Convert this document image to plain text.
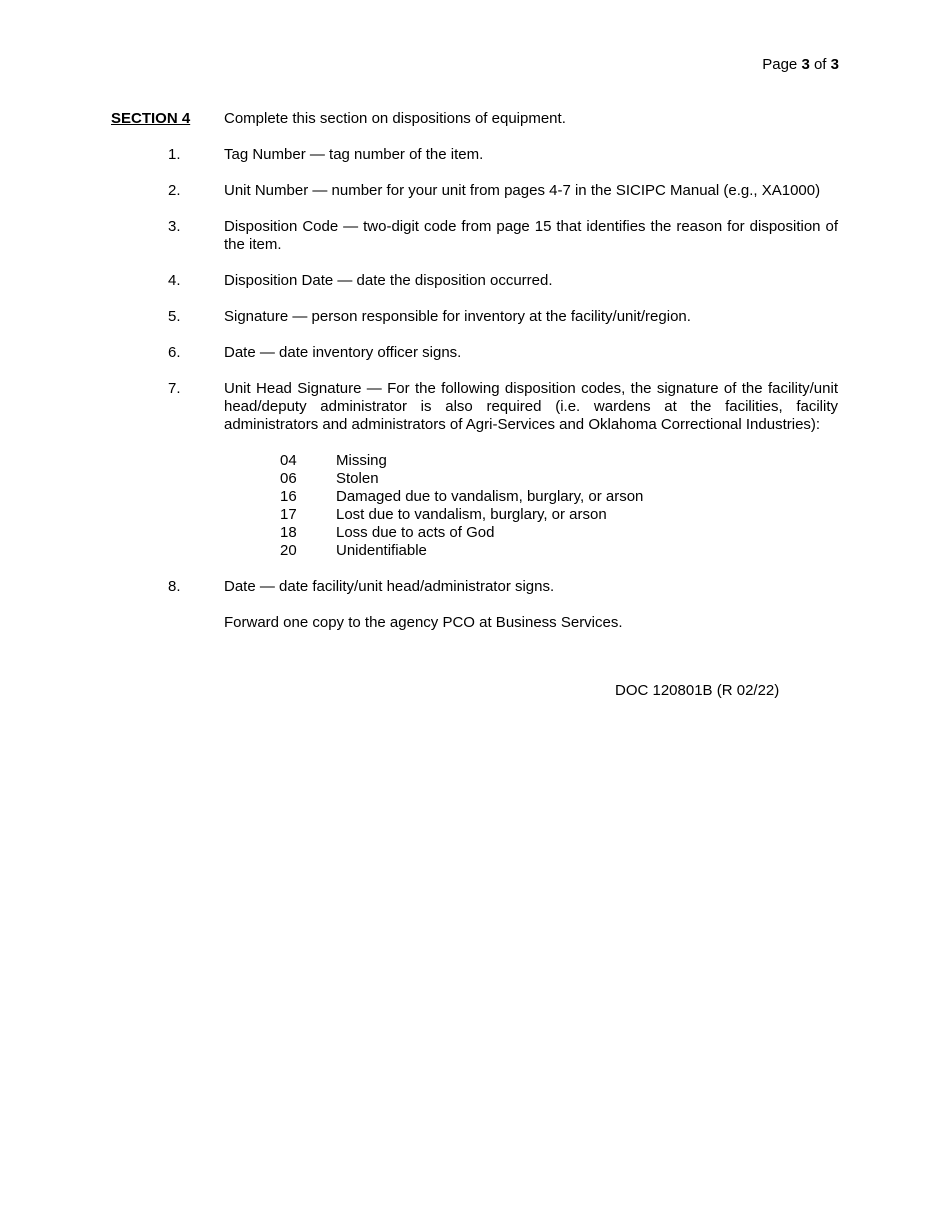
Page 3 of 3
SECTION 4 Complete this section on dispositions of equipment.
1.	Tag Number — tag number of the item.
2.	Unit Number — number for your unit from pages 4-7 in the SICIPC Manual (e.g., XA1000)
3.	Disposition Code — two-digit code from page 15 that identifies the reason for disposition of the item.
4.	Disposition Date — date the disposition occurred.
5.	Signature — person responsible for inventory at the facility/unit/region.
6.	Date — date inventory officer signs.
7.	Unit Head Signature — For the following disposition codes, the signature of the facility/unit head/deputy administrator is also required (i.e. wardens at the facilities, facility administrators and administrators of Agri-Services and Oklahoma Correctional Industries):
04	Missing
06	Stolen
16	Damaged due to vandalism, burglary, or arson
17	Lost due to vandalism, burglary, or arson
18	Loss due to acts of God
20	Unidentifiable
8.	Date — date facility/unit head/administrator signs.
Forward one copy to the agency PCO at Business Services.
DOC 120801B (R 02/22)
